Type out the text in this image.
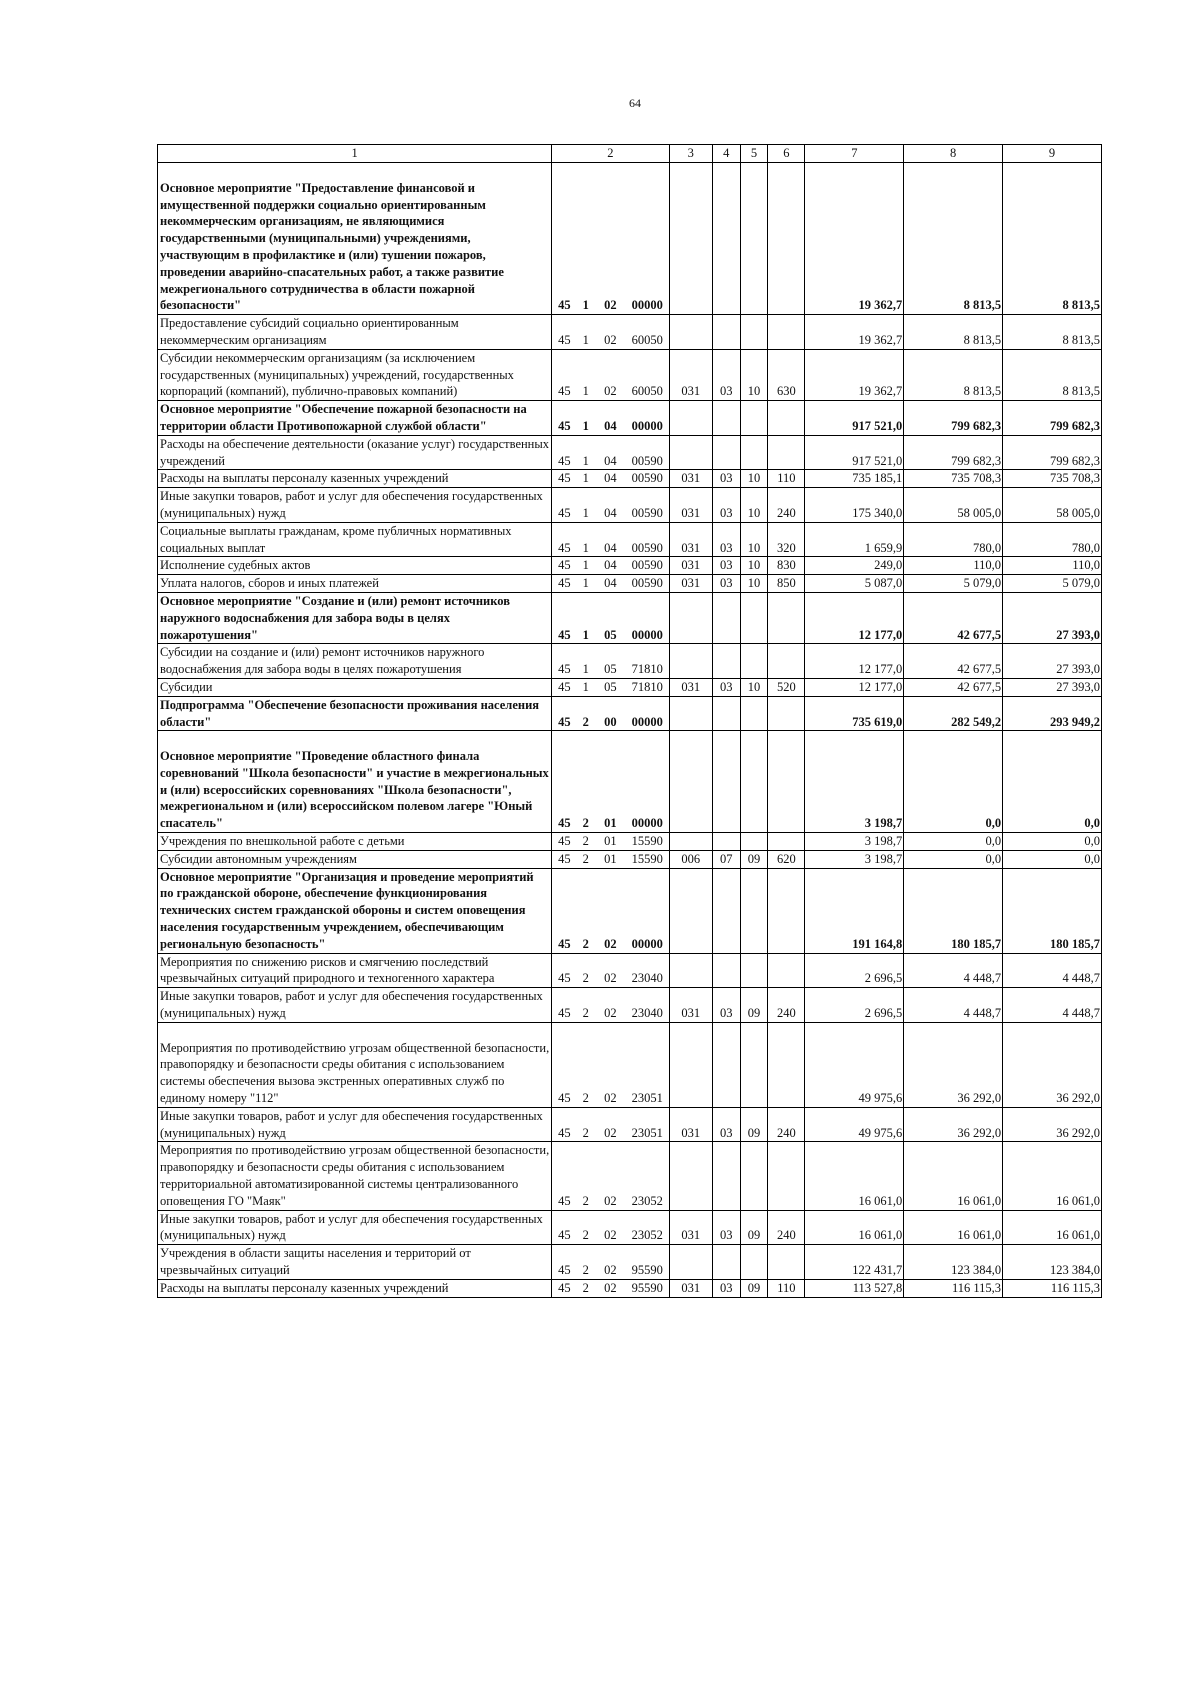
64
1	2				3	4	5	6	7	8	9

Основное мероприятие "Предоставление финансовой и имущественной поддержки социально ориентированным некоммерческим организациям, не являющимися государственными (муниципальными) учреждениями, участвующим в профилактике и (или) тушении пожаров, проведении аварийно-спасательных работ, а также развитие межрегионального сотрудничества в области пожарной безопасности"	45	1	02	00000					19 362,7	8 813,5	8 813,5
Предоставление субсидий социально ориентированным некоммерческим организациям	45	1	02	60050					19 362,7	8 813,5	8 813,5
Субсидии некоммерческим организациям (за исключением государственных (муниципальных) учреждений, государственных корпораций (компаний), публично-правовых компаний)	45	1	02	60050	031	03	10	630	19 362,7	8 813,5	8 813,5
Основное мероприятие "Обеспечение пожарной безопасности на территории области Противопожарной службой области"	45	1	04	00000					917 521,0	799 682,3	799 682,3
Расходы на обеспечение деятельности (оказание услуг) государственных учреждений	45	1	04	00590					917 521,0	799 682,3	799 682,3
Расходы на выплаты персоналу казенных учреждений	45	1	04	00590	031	03	10	110	735 185,1	735 708,3	735 708,3
Иные закупки товаров, работ и услуг для обеспечения государственных (муниципальных) нужд	45	1	04	00590	031	03	10	240	175 340,0	58 005,0	58 005,0
Социальные выплаты гражданам, кроме публичных нормативных социальных выплат	45	1	04	00590	031	03	10	320	1 659,9	780,0	780,0
Исполнение судебных актов	45	1	04	00590	031	03	10	830	249,0	110,0	110,0
Уплата налогов, сборов и иных платежей	45	1	04	00590	031	03	10	850	5 087,0	5 079,0	5 079,0
Основное мероприятие "Создание и (или) ремонт источников наружного водоснабжения для забора воды в целях пожаротушения"	45	1	05	00000					12 177,0	42 677,5	27 393,0
Субсидии на создание и (или) ремонт источников наружного водоснабжения для забора воды в целях пожаротушения	45	1	05	71810					12 177,0	42 677,5	27 393,0
Субсидии	45	1	05	71810	031	03	10	520	12 177,0	42 677,5	27 393,0
Подпрограмма "Обеспечение безопасности проживания населения области"	45	2	00	00000					735 619,0	282 549,2	293 949,2

Основное мероприятие "Проведение областного финала соревнований "Школа безопасности" и участие в межрегиональных и (или) всероссийских соревнованиях "Школа безопасности", межрегиональном и (или) всероссийском полевом лагере "Юный спасатель"	45	2	01	00000					3 198,7	0,0	0,0
Учреждения по внешкольной работе с детьми	45	2	01	15590					3 198,7	0,0	0,0
Субсидии автономным учреждениям	45	2	01	15590	006	07	09	620	3 198,7	0,0	0,0
Основное мероприятие "Организация и проведение мероприятий по гражданской обороне, обеспечение функционирования технических систем гражданской обороны и систем оповещения населения государственным учреждением, обеспечивающим региональную безопасность"	45	2	02	00000					191 164,8	180 185,7	180 185,7
Мероприятия по снижению рисков и смягчению последствий чрезвычайных ситуаций природного и техногенного характера	45	2	02	23040					2 696,5	4 448,7	4 448,7
Иные закупки товаров, работ и услуг для обеспечения государственных (муниципальных) нужд	45	2	02	23040	031	03	09	240	2 696,5	4 448,7	4 448,7

Мероприятия по противодействию угрозам общественной безопасности, правопорядку и безопасности среды обитания с использованием системы обеспечения вызова экстренных оперативных служб по единому номеру "112"	45	2	02	23051					49 975,6	36 292,0	36 292,0
Иные закупки товаров, работ и услуг для обеспечения государственных (муниципальных) нужд	45	2	02	23051	031	03	09	240	49 975,6	36 292,0	36 292,0
Мероприятия по противодействию угрозам общественной безопасности, правопорядку и безопасности среды обитания с использованием территориальной автоматизированной системы централизованного оповещения ГО "Маяк"	45	2	02	23052					16 061,0	16 061,0	16 061,0
Иные закупки товаров, работ и услуг для обеспечения государственных (муниципальных) нужд	45	2	02	23052	031	03	09	240	16 061,0	16 061,0	16 061,0
Учреждения в области защиты населения и территорий от чрезвычайных ситуаций	45	2	02	95590					122 431,7	123 384,0	123 384,0
Расходы на выплаты персоналу казенных учреждений	45	2	02	95590	031	03	09	110	113 527,8	116 115,3	116 115,3
